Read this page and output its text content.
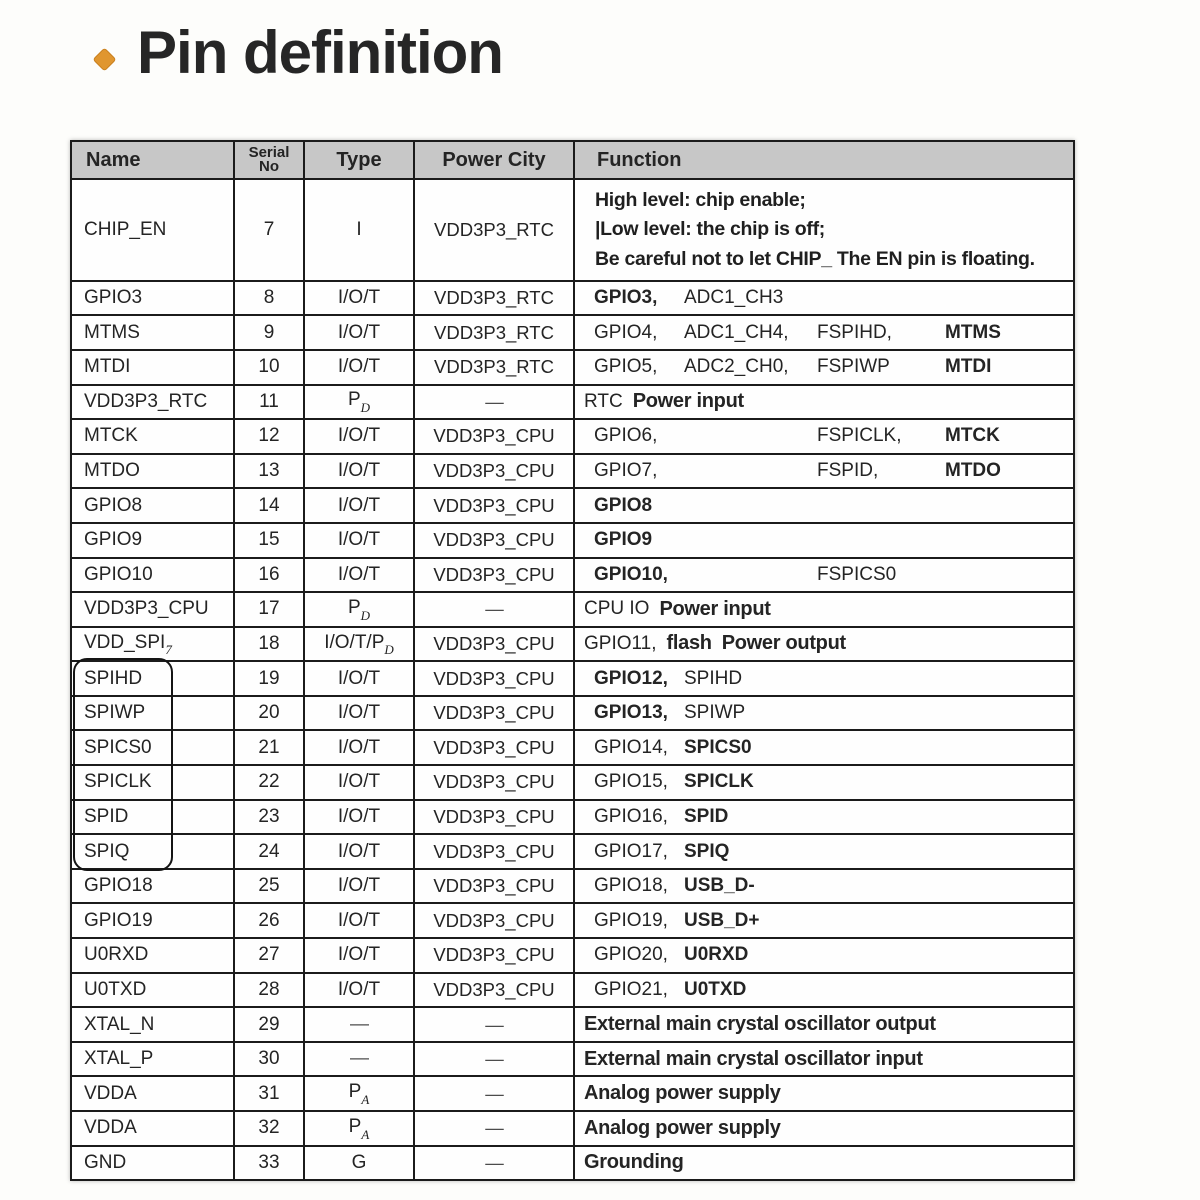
Pin definition
Name	Serial
No	Type	Power City	Function
CHIP_EN	7	I	VDD3P3_RTC	High level: chip enable;
|Low level: the chip is off;
Be careful not to let CHIP_ The EN pin is floating.

GPIO3	8	I/O/T	VDD3P3_RTC	GPIO3, ADC1_CH3

MTMS	9	I/O/T	VDD3P3_RTC	GPIO4, ADC1_CH4, FSPIHD, MTMS

MTDI	10	I/O/T	VDD3P3_RTC	GPIO5, ADC2_CH0, FSPIWP MTDI

VDD3P3_RTC	11	$P_D$	—	RTC Power input

MTCK	12	I/O/T	VDD3P3_CPU	GPIO6, FSPICLK, MTCK

MTDO	13	I/O/T	VDD3P3_CPU	GPIO7, FSPID, MTDO

GPIO8	14	I/O/T	VDD3P3_CPU	GPIO8

GPIO9	15	I/O/T	VDD3P3_CPU	GPIO9

GPIO10	16	I/O/T	VDD3P3_CPU	GPIO10, FSPICS0

VDD3P3_CPU	17	$P_D$	—	CPU IO Power input

$VDD\_SPI_7$	18	$I/O/T/P_D$	VDD3P3_CPU	GPIO11, flash Power output

SPIHD	19	I/O/T	VDD3P3_CPU	GPIO12, SPIHD

SPIWP	20	I/O/T	VDD3P3_CPU	GPIO13, SPIWP

SPICS0	21	I/O/T	VDD3P3_CPU	GPIO14, SPICS0

SPICLK	22	I/O/T	VDD3P3_CPU	GPIO15, SPICLK

SPID	23	I/O/T	VDD3P3_CPU	GPIO16, SPID

SPIQ	24	I/O/T	VDD3P3_CPU	GPIO17, SPIQ

GPIO18	25	I/O/T	VDD3P3_CPU	GPIO18, USB_D-

GPIO19	26	I/O/T	VDD3P3_CPU	GPIO19, USB_D+

U0RXD	27	I/O/T	VDD3P3_CPU	GPIO20, U0RXD

U0TXD	28	I/O/T	VDD3P3_CPU	GPIO21, U0TXD

XTAL_N	29	—	—	External main crystal oscillator output

XTAL_P	30	—	—	External main crystal oscillator input

VDDA	31	$P_A$	—	Analog power supply

VDDA	32	$P_A$	—	Analog power supply

GND	33	G	—	Grounding
